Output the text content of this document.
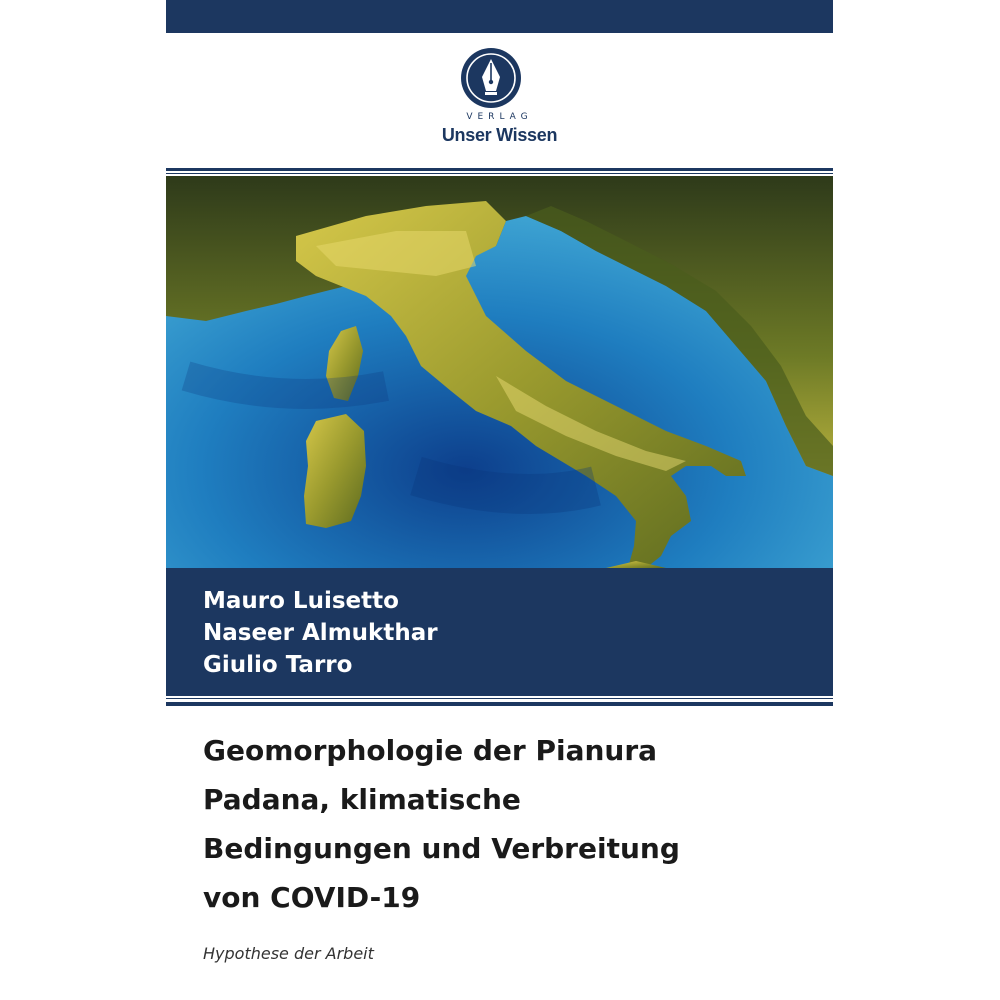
VERLAG
Unser Wissen
Mauro Luisetto
Naseer Almukthar
Giulio Tarro
Geomorphologie der Pianura
Padana, klimatische
Bedingungen und Verbreitung
von COVID-19
Hypothese der Arbeit
